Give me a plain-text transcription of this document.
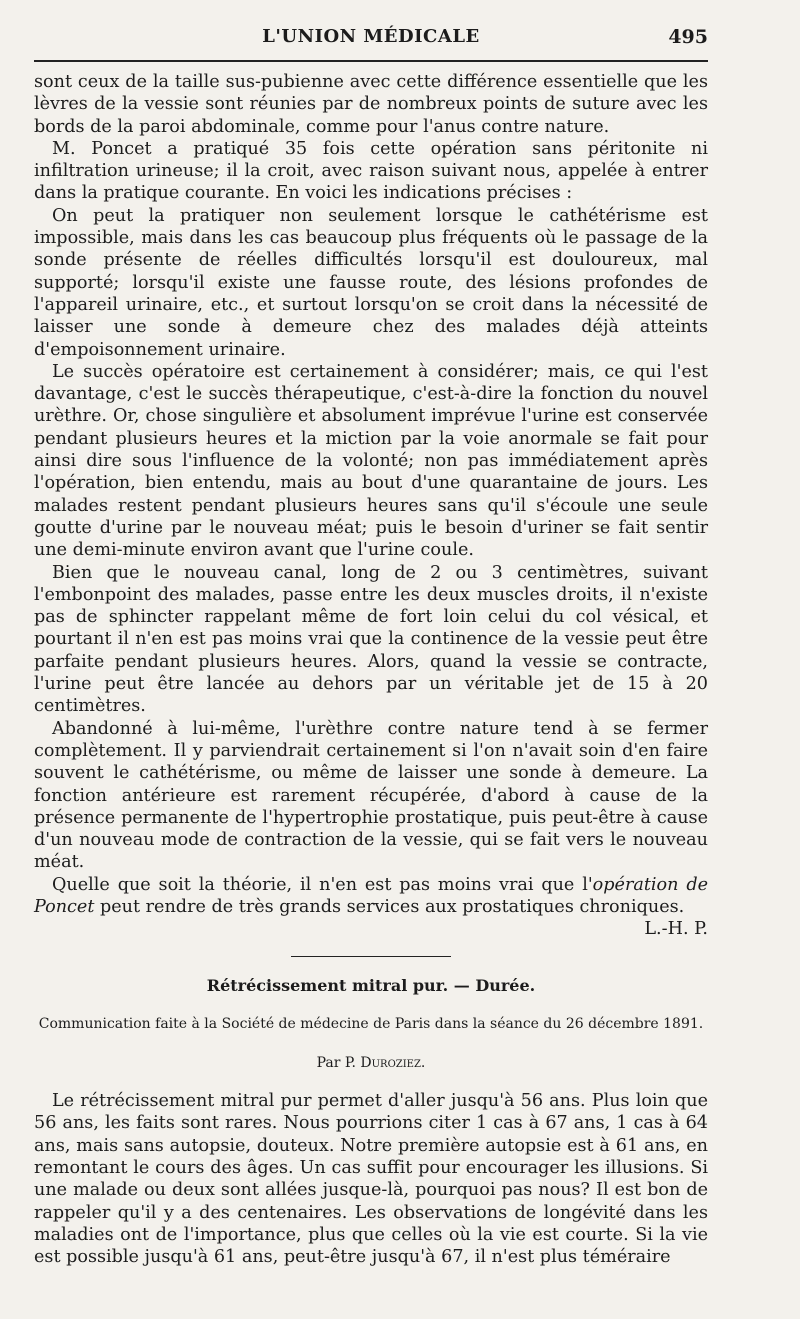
L'UNION MÉDICALE	495

sont ceux de la taille sus-pubienne avec cette différence essentielle que les lèvres de la vessie sont réunies par de nombreux points de suture avec les bords de la paroi abdominale, comme pour l'anus contre nature.

M. Poncet a pratiqué 35 fois cette opération sans péritonite ni infiltration urineuse; il la croit, avec raison suivant nous, appelée à entrer dans la pratique courante. En voici les indications précises :

On peut la pratiquer non seulement lorsque le cathétérisme est impossible, mais dans les cas beaucoup plus fréquents où le passage de la sonde présente de réelles difficultés lorsqu'il est douloureux, mal supporté; lorsqu'il existe une fausse route, des lésions profondes de l'appareil urinaire, etc., et surtout lorsqu'on se croit dans la nécessité de laisser une sonde à demeure chez des malades déjà atteints d'empoisonnement urinaire.

Le succès opératoire est certainement à considérer; mais, ce qui l'est davantage, c'est le succès thérapeutique, c'est-à-dire la fonction du nouvel urèthre. Or, chose singulière et absolument imprévue l'urine est conservée pendant plusieurs heures et la miction par la voie anormale se fait pour ainsi dire sous l'influence de la volonté; non pas immédiatement après l'opération, bien entendu, mais au bout d'une quarantaine de jours. Les malades restent pendant plusieurs heures sans qu'il s'écoule une seule goutte d'urine par le nouveau méat; puis le besoin d'uriner se fait sentir une demi-minute environ avant que l'urine coule.

Bien que le nouveau canal, long de 2 ou 3 centimètres, suivant l'embonpoint des malades, passe entre les deux muscles droits, il n'existe pas de sphincter rappelant même de fort loin celui du col vésical, et pourtant il n'en est pas moins vrai que la continence de la vessie peut être parfaite pendant plusieurs heures. Alors, quand la vessie se contracte, l'urine peut être lancée au dehors par un véritable jet de 15 à 20 centimètres.

Abandonné à lui-même, l'urèthre contre nature tend à se fermer complètement. Il y parviendrait certainement si l'on n'avait soin d'en faire souvent le cathétérisme, ou même de laisser une sonde à demeure. La fonction antérieure est rarement récupérée, d'abord à cause de la présence permanente de l'hypertrophie prostatique, puis peut-être à cause d'un nouveau mode de contraction de la vessie, qui se fait vers le nouveau méat.

Quelle que soit la théorie, il n'en est pas moins vrai que l'opération de Poncet peut rendre de très grands services aux prostatiques chroniques.

L.-H. P.

Rétrécissement mitral pur. — Durée.
Communication faite à la Société de médecine de Paris dans la séance du 26 décembre 1891.
Par P. Duroziez.

Le rétrécissement mitral pur permet d'aller jusqu'à 56 ans. Plus loin que 56 ans, les faits sont rares. Nous pourrions citer 1 cas à 67 ans, 1 cas à 64 ans, mais sans autopsie, douteux. Notre première autopsie est à 61 ans, en remontant le cours des âges. Un cas suffit pour encourager les illusions. Si une malade ou deux sont allées jusque-là, pourquoi pas nous? Il est bon de rappeler qu'il y a des centenaires. Les observations de longévité dans les maladies ont de l'importance, plus que celles où la vie est courte. Si la vie est possible jusqu'à 61 ans, peut-être jusqu'à 67, il n'est plus téméraire
